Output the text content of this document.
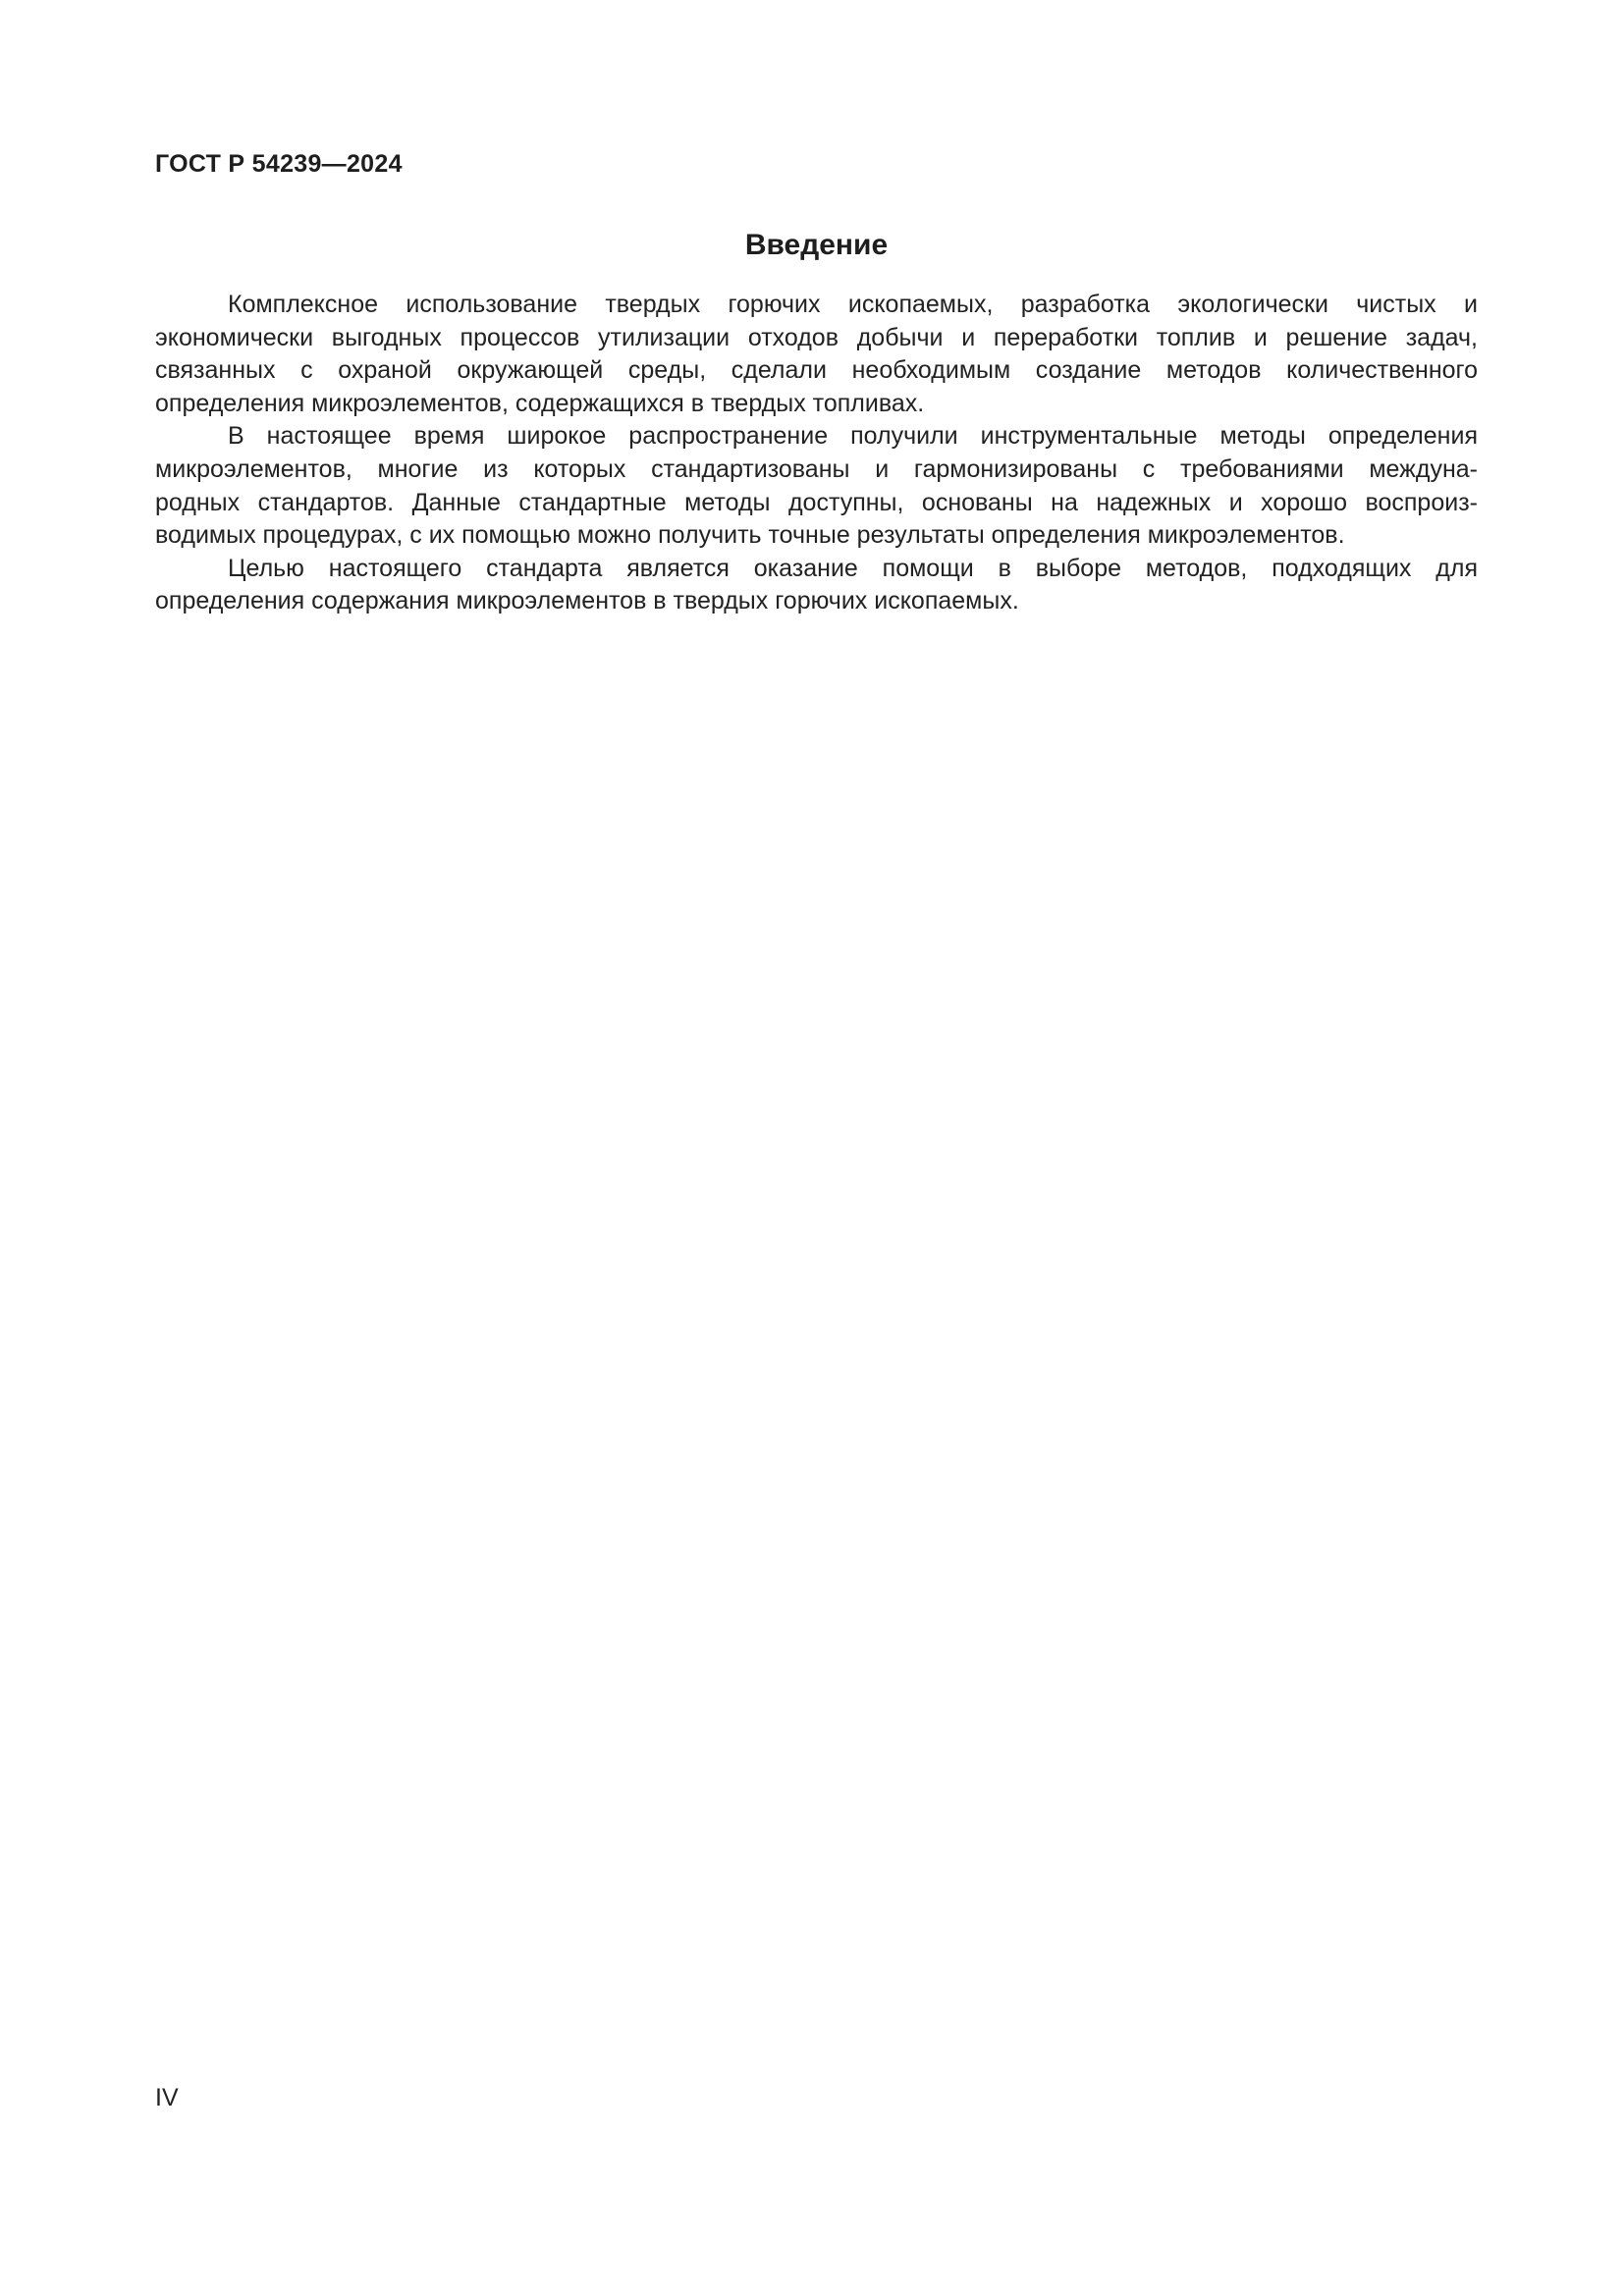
ГОСТ Р 54239—2024
Введение

Комплексное использование твердых горючих ископаемых, разработка экологически чистых и
экономически выгодных процессов утилизации отходов добычи и переработки топлив и решение задач,
связанных с охраной окружающей среды, сделали необходимым создание методов количественного
определения микроэлементов, содержащихся в твердых топливах.

В настоящее время широкое распространение получили инструментальные методы определения
микроэлементов, многие из которых стандартизованы и гармонизированы с требованиями междуна-
родных стандартов. Данные стандартные методы доступны, основаны на надежных и хорошо воспроиз-
водимых процедурах, с их помощью можно получить точные результаты определения микроэлементов.

Целью настоящего стандарта является оказание помощи в выборе методов, подходящих для
определения содержания микроэлементов в твердых горючих ископаемых.

IV
